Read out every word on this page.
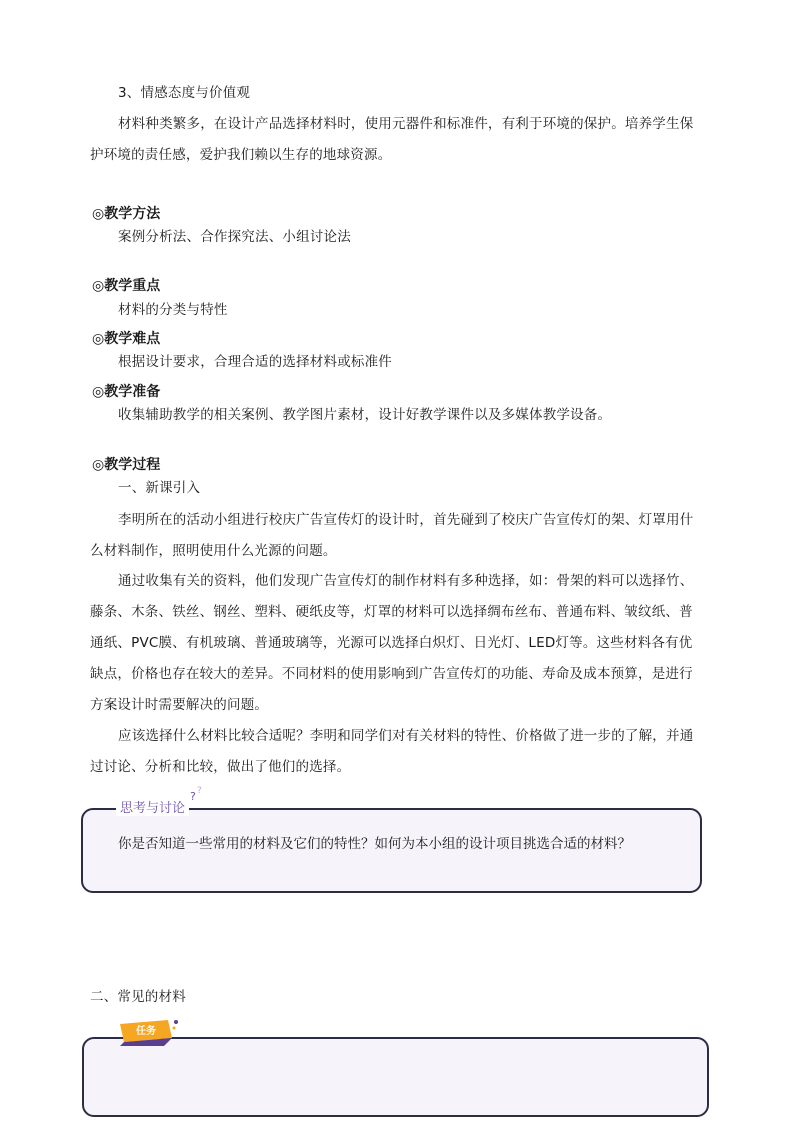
3、情感态度与价值观

材料种类繁多，在设计产品选择材料时，使用元器件和标准件，有利于环境的保护。培养学生保护环境的责任感，爱护我们赖以生存的地球资源。

◎教学方法

案例分析法、合作探究法、小组讨论法

◎教学重点

材料的分类与特性

◎教学难点

根据设计要求，合理合适的选择材料或标准件

◎教学准备

收集辅助教学的相关案例、教学图片素材，设计好教学课件以及多媒体教学设备。

◎教学过程

一、新课引入

李明所在的活动小组进行校庆广告宣传灯的设计时，首先碰到了校庆广告宣传灯的架、灯罩用什么材料制作，照明使用什么光源的问题。

通过收集有关的资料，他们发现广告宣传灯的制作材料有多种选择，如：骨架的料可以选择竹、藤条、木条、铁丝、钢丝、塑料、硬纸皮等，灯罩的材料可以选择绸布丝布、普通布料、皱纹纸、普通纸、PVC膜、有机玻璃、普通玻璃等，光源可以选择白炽灯、日光灯、LED灯等。这些材料各有优缺点，价格也存在较大的差异。不同材料的使用影响到广告宣传灯的功能、寿命及成本预算，是进行方案设计时需要解决的问题。

应该选择什么材料比较合适呢？李明和同学们对有关材料的特性、价格做了进一步的了解，并通过讨论、分析和比较，做出了他们的选择。

思考与讨论
? ?
你是否知道一些常用的材料及它们的特性？如何为本小组的设计项目挑选合适的材料？

二、常见的材料

任务
